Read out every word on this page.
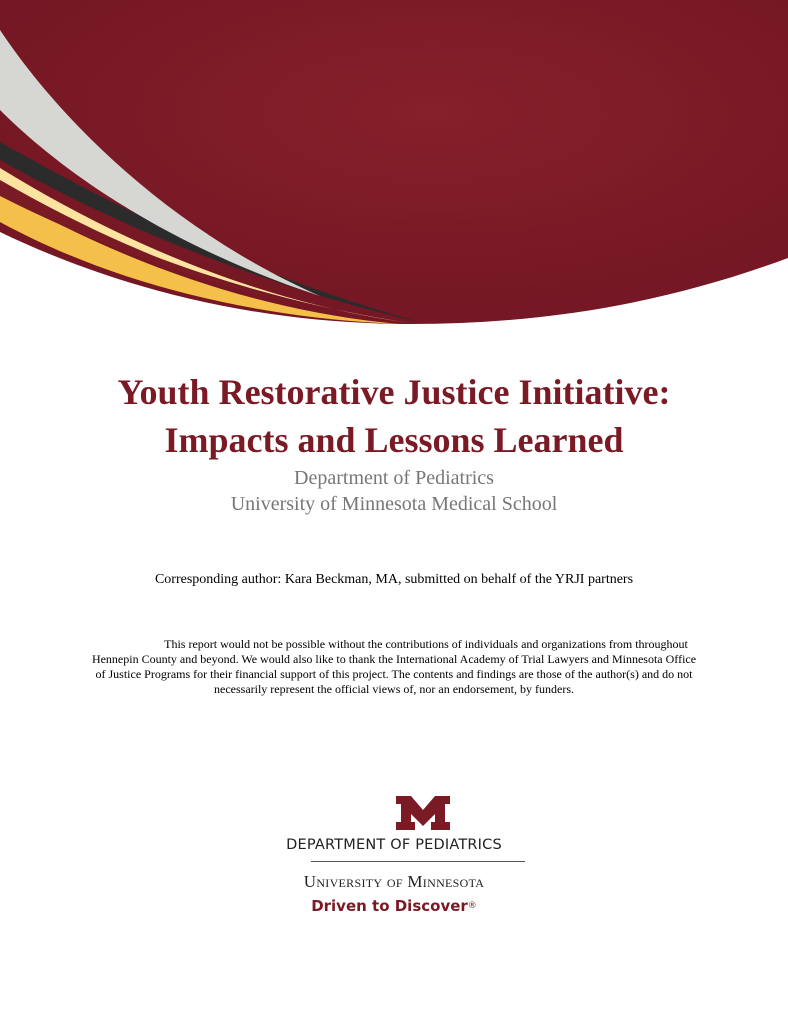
Youth Restorative Justice Initiative:
Impacts and Lessons Learned

Department of Pediatrics

University of Minnesota Medical School

Corresponding author: Kara Beckman, MA, submitted on behalf of the YRJI partners

This report would not be possible without the contributions of individuals and organizations from throughout Hennepin County and beyond. We would also like to thank the International Academy of Trial Lawyers and Minnesota Office of Justice Programs for their financial support of this project. The contents and findings are those of the author(s) and do not necessarily represent the official views of, nor an endorsement, by funders.

DEPARTMENT OF PEDIATRICS

University of Minnesota

Driven to Discover®
